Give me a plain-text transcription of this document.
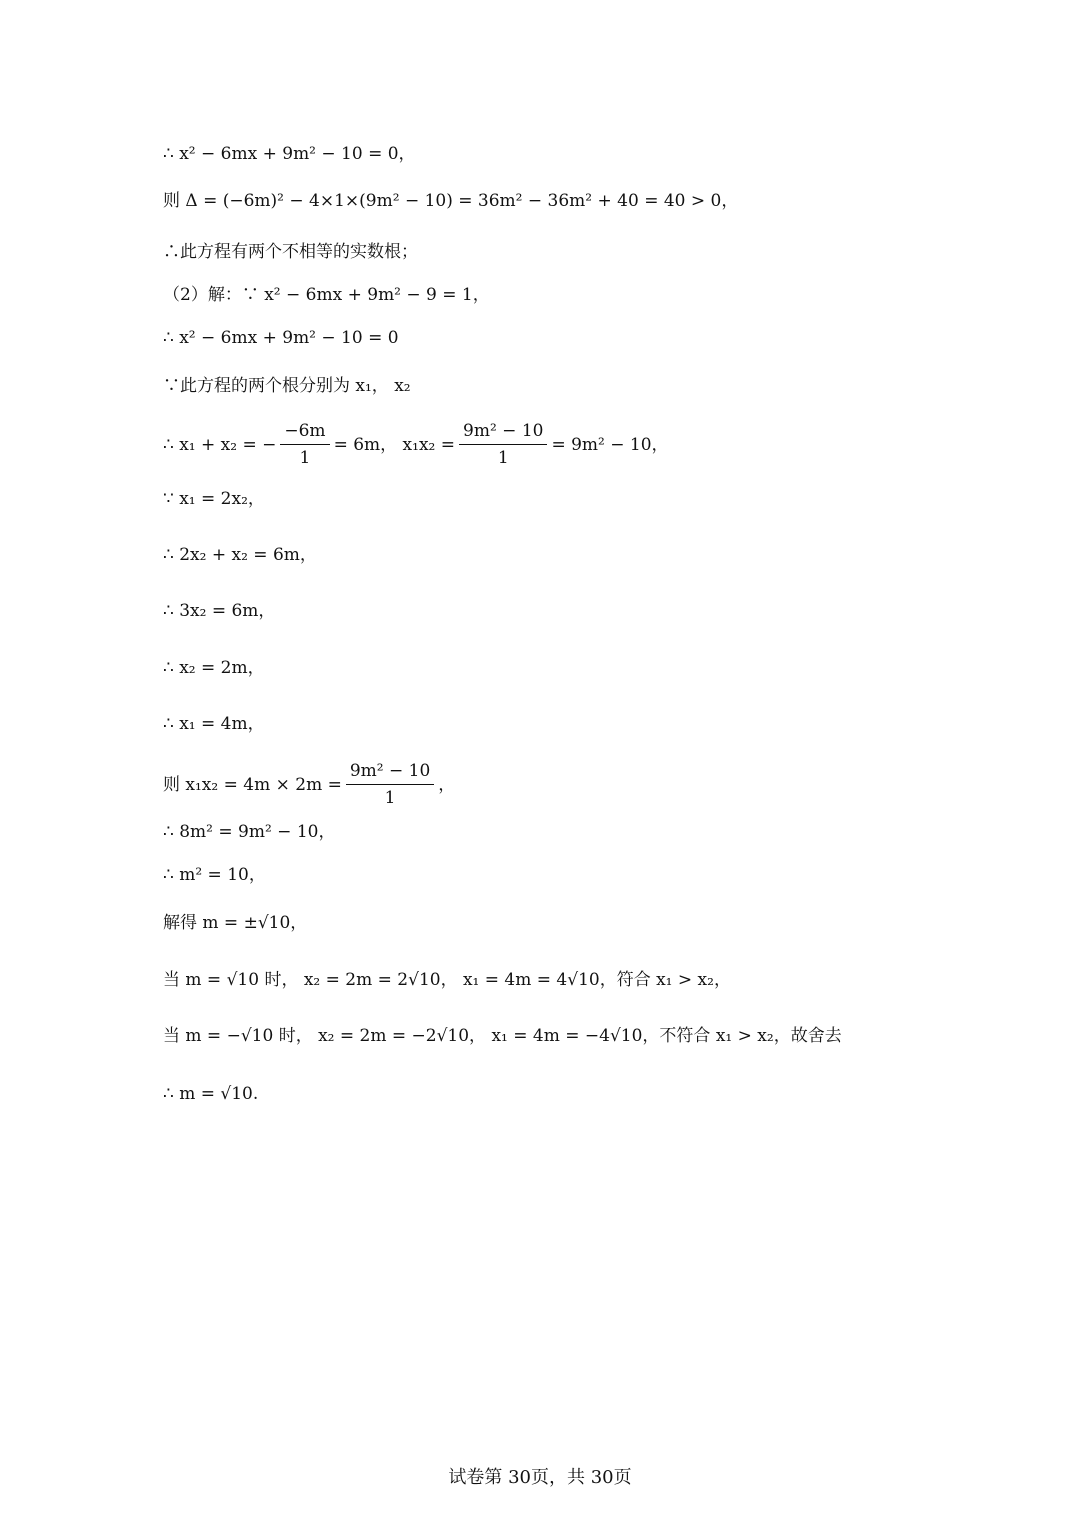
∴ x² − 6mx + 9m² − 10 = 0，
则 Δ = (−6m)² − 4×1×(9m² − 10) = 36m² − 36m² + 40 = 40 > 0，
∴此方程有两个不相等的实数根；
（2）解：∵ x² − 6mx + 9m² − 9 = 1，
∴ x² − 6mx + 9m² − 10 = 0
∵此方程的两个根分别为 x₁， x₂
∴ x₁ + x₂ = − $\frac{-6m}{1} = 6m$， $x_1x_2 = \frac{\text{9m² − 10}}{1} = 9m^2 - 10$，
∵ x₁ = 2x₂，
∴ 2x₂ + x₂ = 6m，
∴ 3x₂ = 6m，
∴ x₂ = 2m，
∴ x₁ = 4m，
则 $x_1x_2 = 4m \times 2m = \frac{\text{9m² − 10}}{1}$ ，
∴ 8m² = 9m² − 10，
∴ m² = 10，
解得 m = ±√10，
当 m = √10 时， x₂ = 2m = 2√10， x₁ = 4m = 4√10，符合 x₁ > x₂，
当 m = −√10 时， x₂ = 2m = −2√10， x₁ = 4m = −4√10，不符合 x₁ > x₂，故舍去
∴ m = √10.
试卷第 30页，共 30页
